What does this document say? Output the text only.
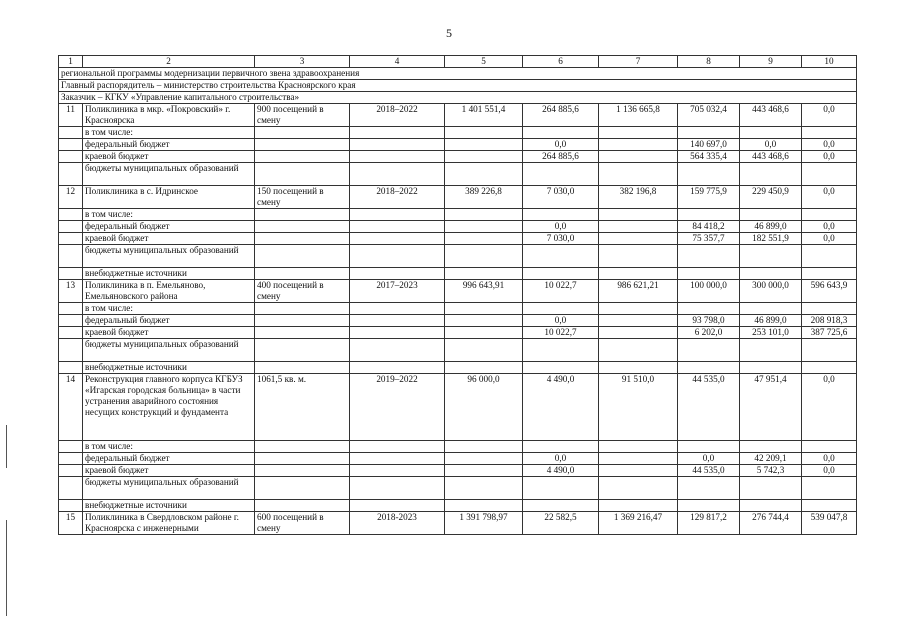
5
1	2	3	4	5	6	7	8	9	10
региональной программы модернизации первичного звена здравоохранения									
Главный распорядитель – министерство строительства Красноярского края									
Заказчик – КГКУ «Управление капитального строительства»									
11	Поликлиника в мкр. «Покровский» г. Красноярска	900 посещений в смену	2018–2022	1 401 551,4	264 885,6	1 136 665,8	705 032,4	443 468,6	0,0
	в том числе:								
	федеральный бюджет				0,0		140 697,0	0,0	0,0
	краевой бюджет				264 885,6		564 335,4	443 468,6	0,0
	бюджеты муниципальных образований								
12	Поликлиника в с. Идринское	150 посещений в смену	2018–2022	389 226,8	7 030,0	382 196,8	159 775,9	229 450,9	0,0
	в том числе:								
	федеральный бюджет				0,0		84 418,2	46 899,0	0,0
	краевой бюджет				7 030,0		75 357,7	182 551,9	0,0
	бюджеты муниципальных образований								
	внебюджетные источники								
13	Поликлиника в п. Емельяново, Емельяновского района	400 посещений в смену	2017–2023	996 643,91	10 022,7	986 621,21	100 000,0	300 000,0	596 643,9
	в том числе:								
	федеральный бюджет				0,0		93 798,0	46 899,0	208 918,3
	краевой бюджет				10 022,7		6 202,0	253 101,0	387 725,6
	бюджеты муниципальных образований								
	внебюджетные источники								
14	Реконструкция главного корпуса КГБУЗ «Игарская городская больница» в части устранения аварийного состояния несущих конструкций и фундамента	1061,5 кв. м.	2019–2022	96 000,0	4 490,0	91 510,0	44 535,0	47 951,4	0,0
	в том числе:								
	федеральный бюджет				0,0		0,0	42 209,1	0,0
	краевой бюджет				4 490,0		44 535,0	5 742,3	0,0
	бюджеты муниципальных образований								
	внебюджетные источники								
15	Поликлиника в Свердловском районе г. Красноярска с инженерными	600 посещений в смену	2018-2023	1 391 798,97	22 582,5	1 369 216,47	129 817,2	276 744,4	539 047,8
